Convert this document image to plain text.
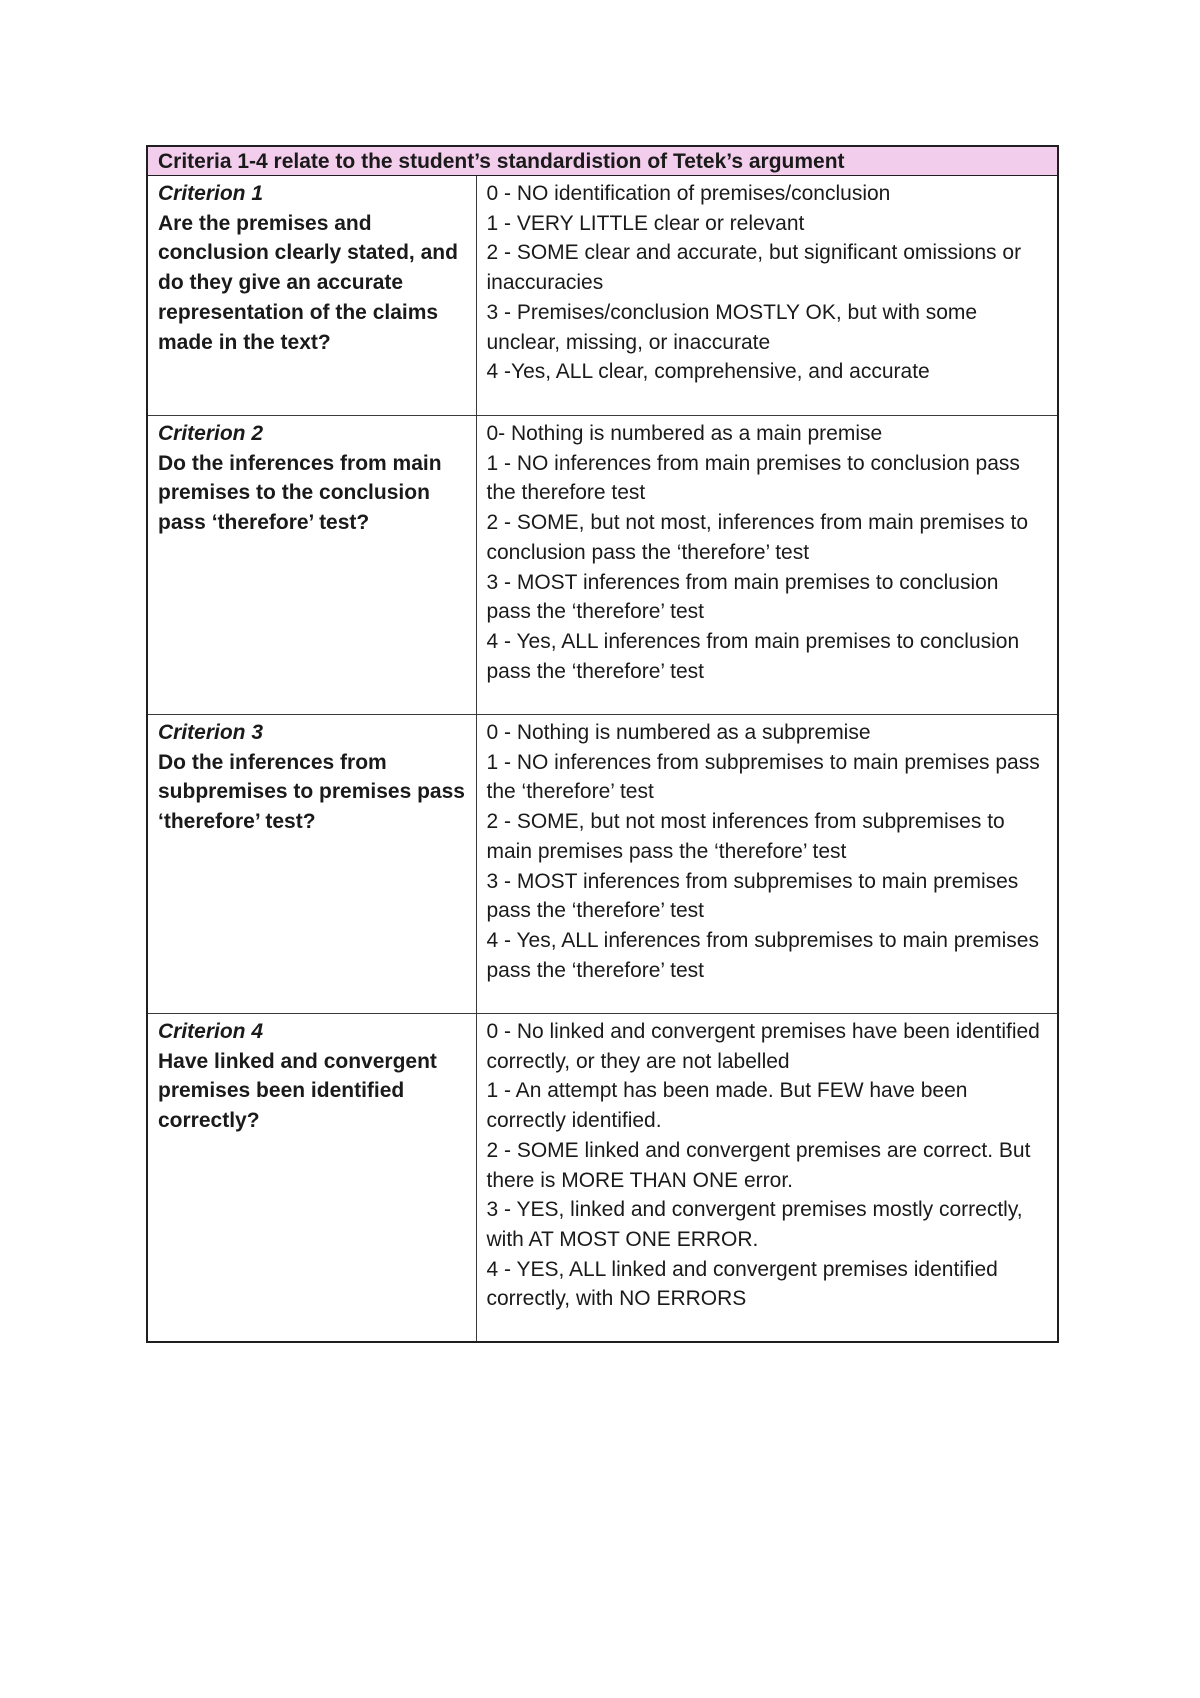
Criteria 1-4 relate to the student’s standardistion of Tetek’s argument	

Criterion 1
Are the premises and conclusion clearly stated, and do they give an accurate representation of the claims made in the text?	0 - NO identification of premises/conclusion
1 - VERY LITTLE clear or relevant
2 - SOME clear and accurate, but significant omissions or inaccuracies
3 - Premises/conclusion MOSTLY OK, but with some unclear, missing, or inaccurate
4 -Yes, ALL clear, comprehensive, and accurate

Criterion 2
Do the inferences from main premises to the conclusion pass ‘therefore’ test?	0- Nothing is numbered as a main premise
1 - NO inferences from main premises to conclusion pass the therefore test
2 - SOME, but not most, inferences from main premises to conclusion pass the ‘therefore’ test
3 - MOST inferences from main premises to conclusion pass the ‘therefore’ test
4 - Yes, ALL inferences from main premises to conclusion pass the ‘therefore’ test

Criterion 3
Do the inferences from subpremises to premises pass ‘therefore’ test?	0 - Nothing is numbered as a subpremise
1 - NO inferences from subpremises to main premises pass the ‘therefore’ test
2 - SOME, but not most inferences from subpremises to main premises pass the ‘therefore’ test
3 - MOST inferences from subpremises to main premises pass the ‘therefore’ test
4 - Yes, ALL inferences from subpremises to main premises pass the ‘therefore’ test

Criterion 4
Have linked and convergent premises been identified correctly?	0 - No linked and convergent premises have been identified correctly, or they are not labelled
1 - An attempt has been made. But FEW have been correctly identified.
2 - SOME linked and convergent premises are correct. But there is MORE THAN ONE error.
3 - YES, linked and convergent premises mostly correctly, with AT MOST ONE ERROR.
4 - YES, ALL linked and convergent premises identified correctly, with NO ERRORS
